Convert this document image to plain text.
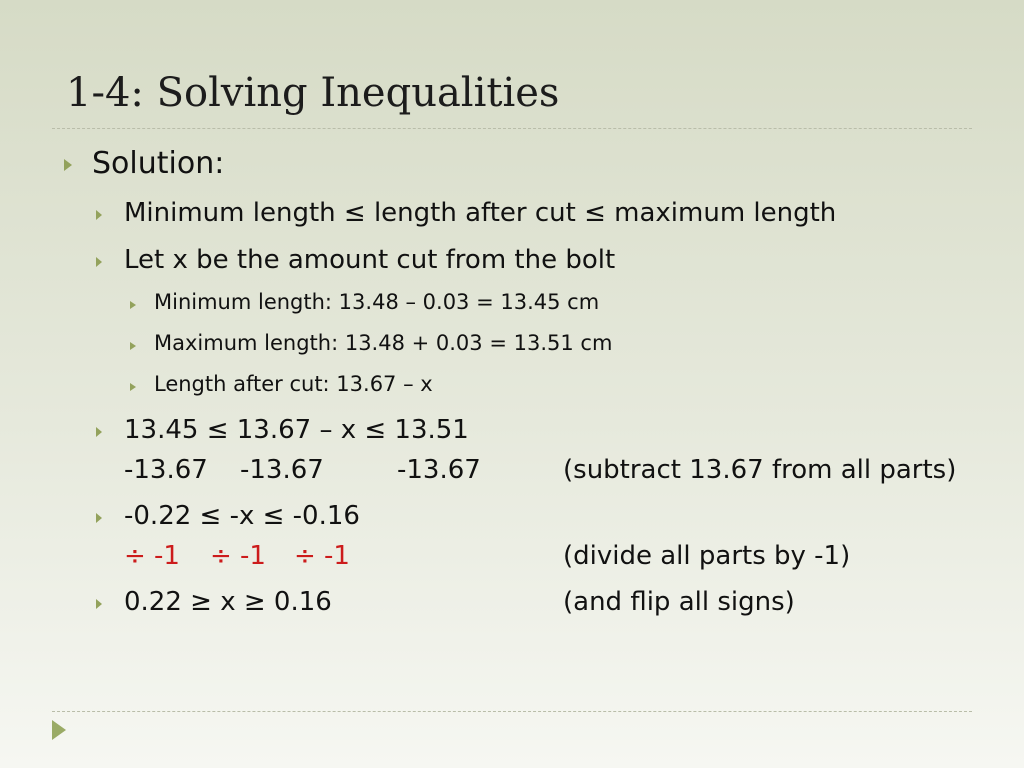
1-4: Solving Inequalities
Solution:
Minimum length ≤ length after cut ≤ maximum length
Let x be the amount cut from the bolt
Minimum length: 13.48 – 0.03 = 13.45 cm
Maximum length: 13.48 + 0.03 = 13.51 cm
Length after cut: 13.67 – x
13.45 ≤ 13.67 – x ≤ 13.51
-13.67 -13.67	-13.67	(subtract 13.67 from all parts)
-0.22 ≤ -x ≤ -0.16
÷ -1 ÷ -1 ÷ -1	(divide all parts by -1)
0.22 ≥ x ≥ 0.16	(and flip all signs)
